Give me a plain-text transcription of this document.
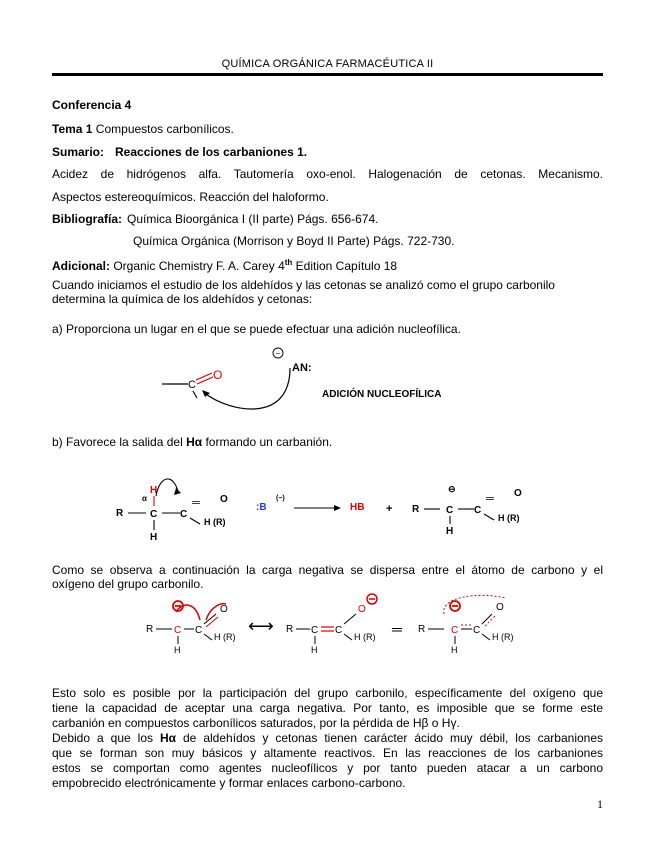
QUÍMICA ORGÁNICA FARMACÉUTICA II
Conferencia 4
Tema 1 Compuestos carbonílicos.
Sumario: Reacciones de los carbaniones 1.
Acidez de hidrógenos alfa. Tautomería oxo-enol. Halogenación de cetonas. Mecanismo.
Aspectos estereoquímicos. Reacción del haloformo.
Bibliografía: Química Bioorgánica I (II parte) Págs. 656-674.
Química Orgánica (Morrison y Boyd II Parte) Págs. 722-730.
Adicional: Organic Chemistry F. A. Carey 4th Edition Capítulo 18
Cuando iniciamos el estudio de los aldehídos y las cetonas se analizó como el grupo carbonilo
determina la química de los aldehídos y cetonas:
a) Proporciona un lugar en el que se puede efectuar una adición nucleofílica.
C
O
−
AN:
ADICIÓN NUCLEOFÍLICA
b) Favorece la salida del Hα formando un carbanión.
R
α
H
C
H
C
═ O
H (R)
:B
(−)
HB + R
⊖
C
H
C
═ O
H (R)
Como se observa a continuación la carga negativa se dispersa entre el átomo de carbono y el
oxígeno del grupo carbonilo.
R C
H
C
O
H (R)
⟷ R C
H
C
O
H (R) ═ R	C
H
C
O
H (R)
Esto solo es posible por la participación del grupo carbonilo, específicamente del oxígeno que
tiene la capacidad de aceptar una carga negativa. Por tanto, es imposible que se forme este
carbanión en compuestos carbonílicos saturados, por la pérdida de Hβ o Hγ.
Debido a que los Hα de aldehídos y cetonas tienen carácter ácido muy débil, los carbaniones
que se forman son muy básicos y altamente reactivos. En las reacciones de los carbaniones
estos se comportan como agentes nucleofílicos y por tanto pueden atacar a un carbono
empobrecido electrónicamente y formar enlaces carbono-carbono.
1
